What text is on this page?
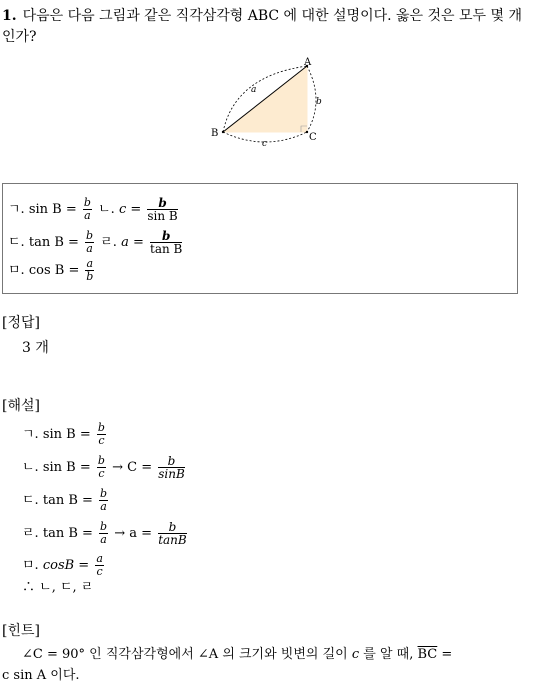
1. 다음은 다음 그림과 같은 직각삼각형 ABC 에 대한 설명이다. 옳은 것은 모두 몇 개인가?
A
B	C
a
b
c
ㄱ. $\sin B = \frac{b}{a}$ ㄴ. $c = \frac{b}{\text{sin B}}$
ㄷ. $\tan B = \frac{b}{a}$ ㄹ. $a = \frac{b}{\text{tan B}}$
ㅁ. $\cos B = \frac{a}{b}$
[정답]
3 개
[해설]
ㄱ. $\sin B = \frac{b}{c}$
ㄴ. $\sin B = \frac{b}{c} \to C = \frac{b}{\sin B}$
ㄷ. $\tan B = \frac{b}{a}$
ㄹ. $\tan B = \frac{b}{a} \to a = \frac{b}{\tan B}$
ㅁ. $\cos B = \frac{a}{c}$
∴ ㄴ, ㄷ, ㄹ
[힌트]
∠C = 90° 인 직각삼각형에서 ∠A 의 크기와 빗변의 길이 c 를 알 때, $\overline{BC}$ =
c sin A 이다.
